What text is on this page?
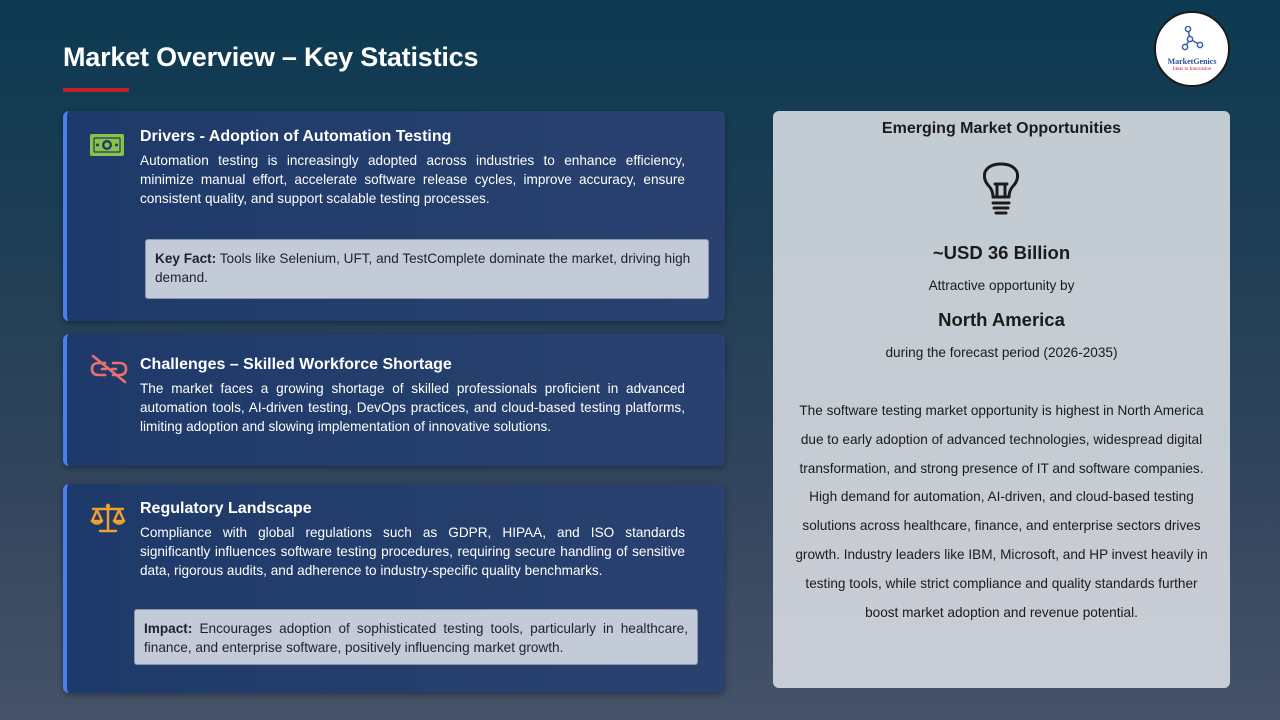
Market Overview – Key Statistics	MarketGenics
Ideas to Innovation
Drivers - Adoption of Automation Testing
Automation testing is increasingly adopted across industries to enhance efficiency, minimize manual effort, accelerate software release cycles, improve accuracy, ensure consistent quality, and support scalable testing processes.
Key Fact: Tools like Selenium, UFT, and TestComplete dominate the market, driving high demand.
Challenges – Skilled Workforce Shortage
The market faces a growing shortage of skilled professionals proficient in advanced automation tools, AI-driven testing, DevOps practices, and cloud-based testing platforms, limiting adoption and slowing implementation of innovative solutions.
Regulatory Landscape
Compliance with global regulations such as GDPR, HIPAA, and ISO standards significantly influences software testing procedures, requiring secure handling of sensitive data, rigorous audits, and adherence to industry-specific quality benchmarks.
Impact: Encourages adoption of sophisticated testing tools, particularly in healthcare, finance, and enterprise software, positively influencing market growth.
Emerging Market Opportunities
~USD 36 Billion
Attractive opportunity by
North America
during the forecast period (2026-2035)
The software testing market opportunity is highest in North America due to early adoption of advanced technologies, widespread digital transformation, and strong presence of IT and software companies. High demand for automation, AI-driven, and cloud-based testing solutions across healthcare, finance, and enterprise sectors drives growth. Industry leaders like IBM, Microsoft, and HP invest heavily in testing tools, while strict compliance and quality standards further boost market adoption and revenue potential.
